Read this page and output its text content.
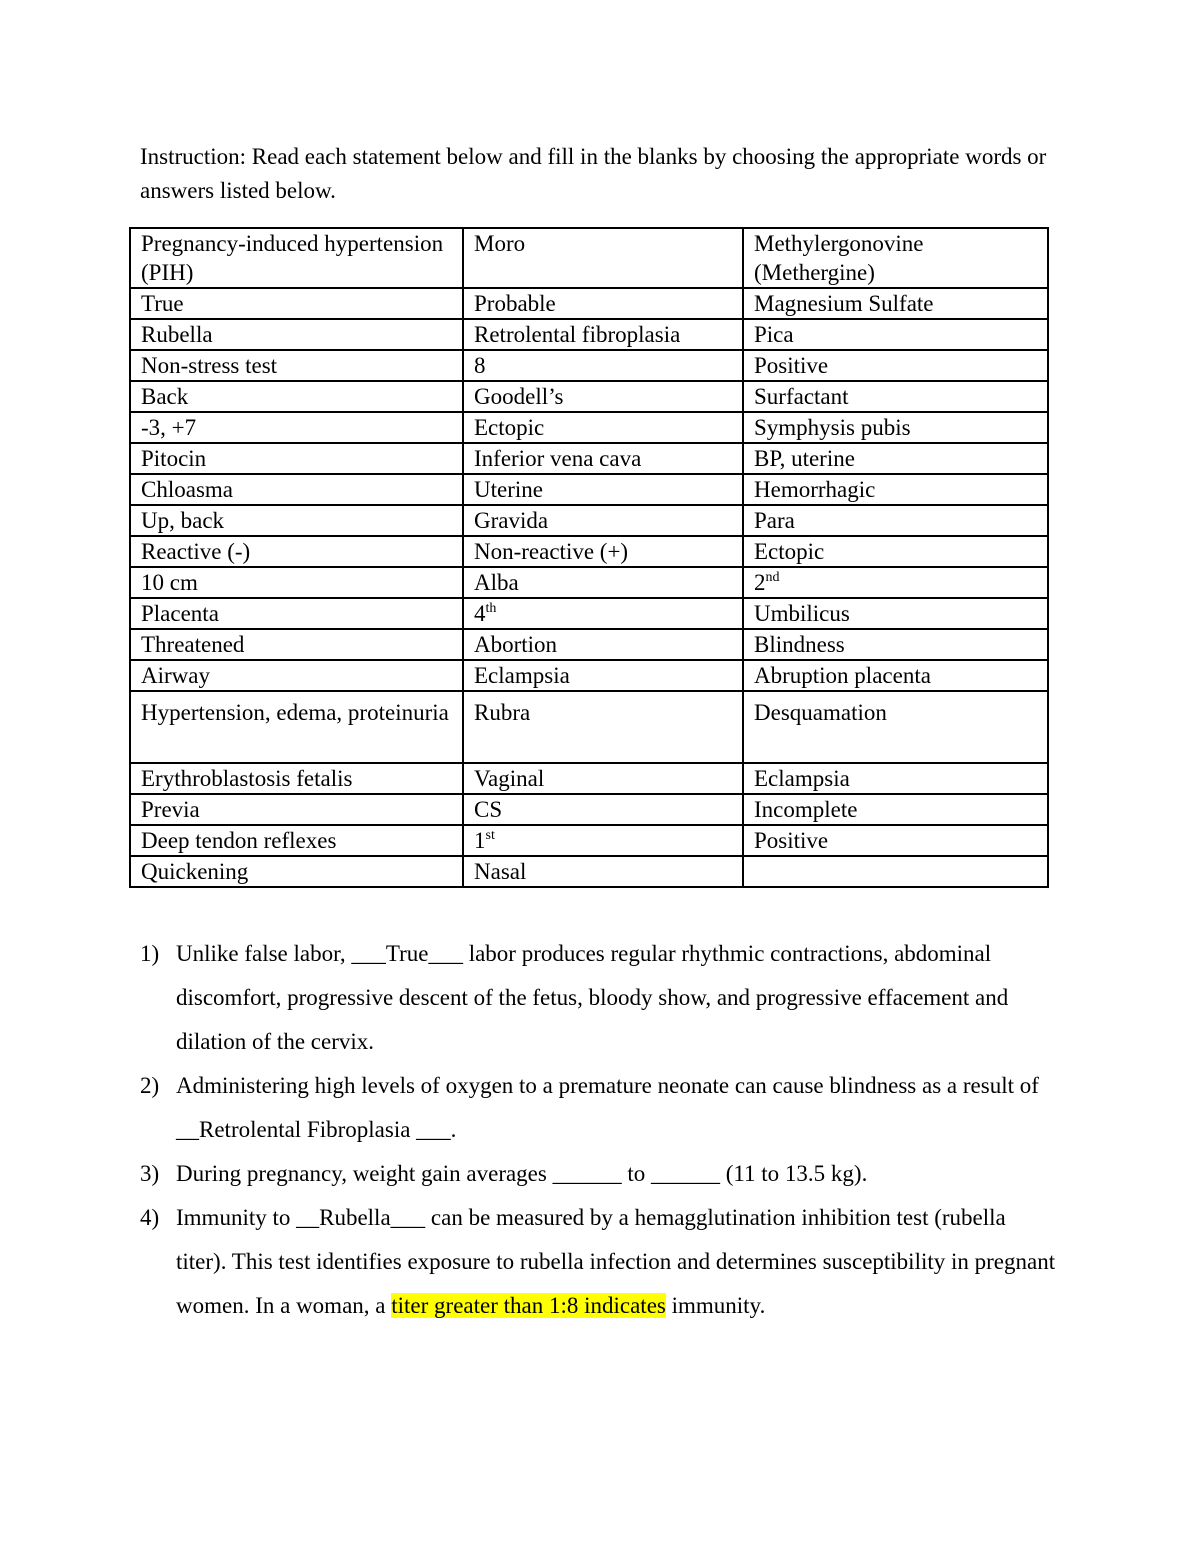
Instruction: Read each statement below and fill in the blanks by choosing the appropriate words or answers listed below.
Pregnancy-induced hypertension (PIH)	Moro	Methylergonovine (Methergine)
True	Probable	Magnesium Sulfate
Rubella	Retrolental fibroplasia	Pica
Non-stress test	8	Positive
Back	Goodell’s	Surfactant
-3, +7	Ectopic	Symphysis pubis
Pitocin	Inferior vena cava	BP, uterine
Chloasma	Uterine	Hemorrhagic
Up, back	Gravida	Para
Reactive (-)	Non-reactive (+)	Ectopic
10 cm	Alba	2nd
Placenta	4th	Umbilicus
Threatened	Abortion	Blindness
Airway	Eclampsia	Abruption placenta
Hypertension, edema, proteinuria	Rubra	Desquamation
Erythroblastosis fetalis	Vaginal	Eclampsia
Previa	CS	Incomplete
Deep tendon reflexes	1st	Positive
Quickening	Nasal	
1) Unlike false labor, ___True___ labor produces regular rhythmic contractions, abdominal discomfort, progressive descent of the fetus, bloody show, and progressive effacement and dilation of the cervix.
2) Administering high levels of oxygen to a premature neonate can cause blindness as a result of __Retrolental Fibroplasia ___.
3) During pregnancy, weight gain averages ______ to ______ (11 to 13.5 kg).
4) Immunity to __Rubella___ can be measured by a hemagglutination inhibition test (rubella titer). This test identifies exposure to rubella infection and determines susceptibility in pregnant women. In a woman, a titer greater than 1:8 indicates immunity.
